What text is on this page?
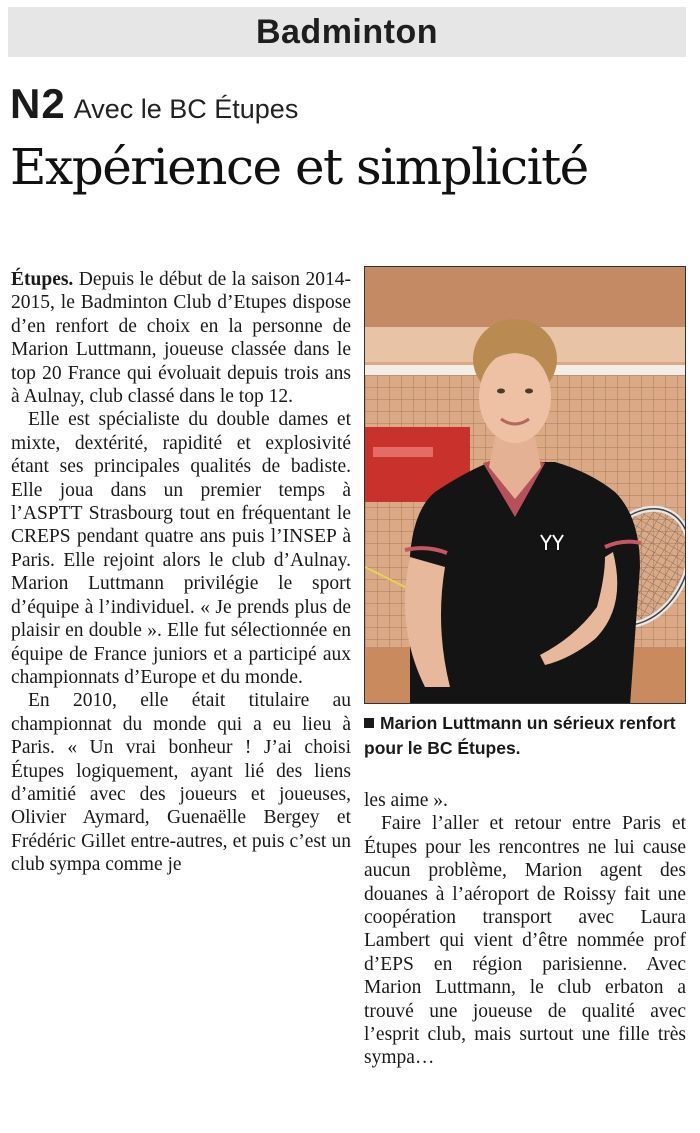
Badminton
N2 Avec le BC Étupes
Expérience et simplicité

Étupes. Depuis le début de la saison 2014-2015, le Badminton Club d’Etupes dispose d’en renfort de choix en la personne de Marion Luttmann, joueuse classée dans le top 20 France qui évoluait depuis trois ans à Aulnay, club classé dans le top 12.

Elle est spécialiste du double dames et mixte, dextérité, rapidité et explosivité étant ses principales qualités de badiste. Elle joua dans un premier temps à l’ASPTT Strasbourg tout en fréquentant le CREPS pendant quatre ans puis l’INSEP à Paris. Elle rejoint alors le club d’Aulnay. Marion Luttmann privilégie le sport d’équipe à l’individuel. « Je prends plus de plaisir en double ». Elle fut sélectionnée en équipe de France juniors et a participé aux championnats d’Europe et du monde.

En 2010, elle était titulaire au championnat du monde qui a eu lieu à Paris. « Un vrai bonheur ! J’ai choisi Étupes logiquement, ayant lié des liens d’amitié avec des joueurs et joueuses, Olivier Aymard, Guenaëlle Bergey et Frédéric Gillet entre-autres, et puis c’est un club sympa comme je

Marion Luttmann un sérieux renfort pour le BC Étupes.

les aime ».

Faire l’aller et retour entre Paris et Étupes pour les rencontres ne lui cause aucun problème, Marion agent des douanes à l’aéroport de Roissy fait une coopération transport avec Laura Lambert qui vient d’être nommée prof d’EPS en région parisienne. Avec Marion Luttmann, le club erbaton a trouvé une joueuse de qualité avec l’esprit club, mais surtout une fille très sympa…
